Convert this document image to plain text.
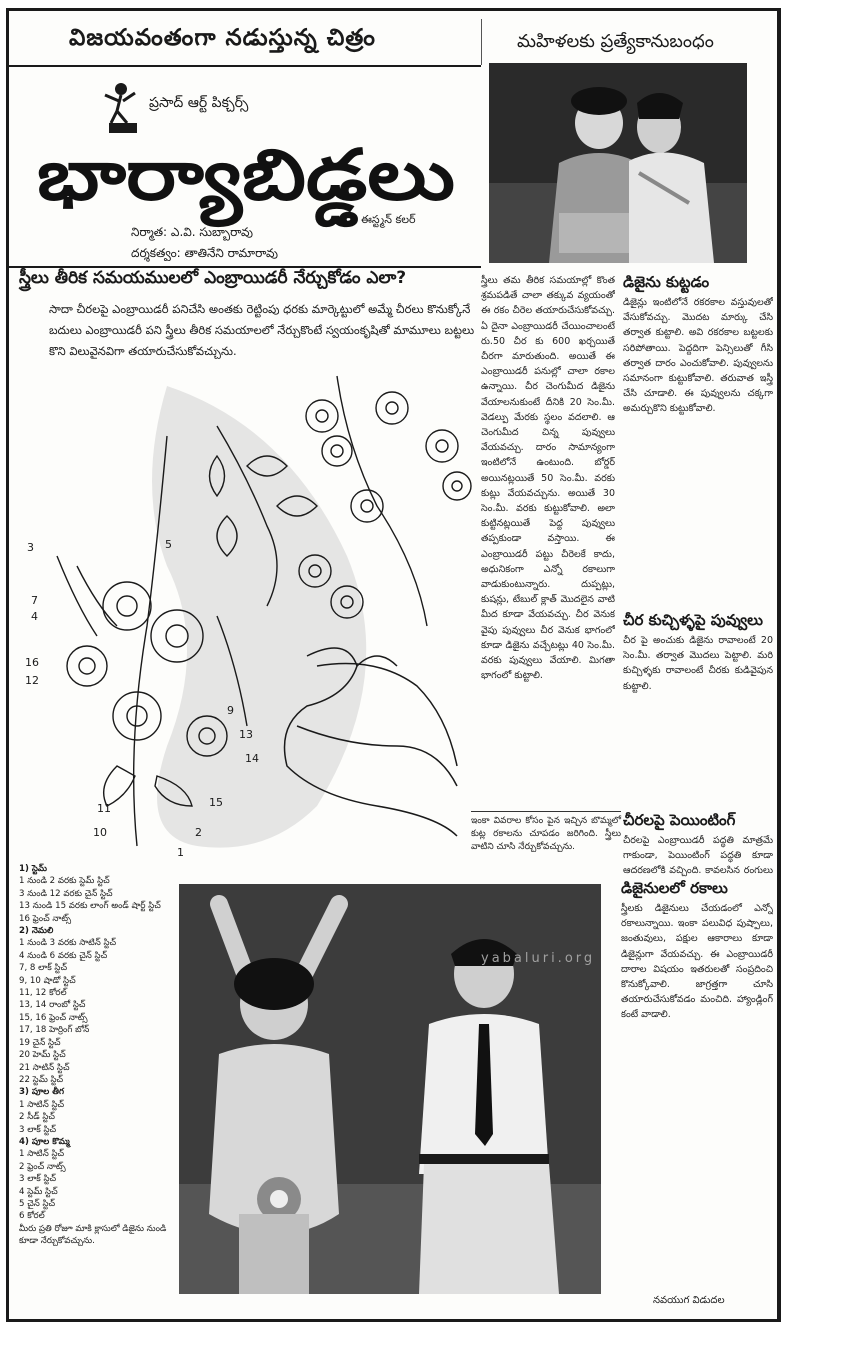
విజయవంతంగా నడుస్తున్న చిత్రం	మహిళలకు ప్రత్యేకానుబంధం
ప్రసాద్ ఆర్ట్ పిక్చర్స్
భార్యాబిడ్డలు
ఈస్ట్మన్ కలర్
నిర్మాత: ఎ.వి. సుబ్బారావు
దర్శకత్వం: తాతినేని రామారావు
స్త్రీలు తీరిక సమయములలో ఎంబ్రాయిడరీ నేర్చుకోడం ఎలా?
సాదా చీరలపై ఎంబ్రాయిడరీ పనిచేసి అంతకు రెట్టింపు ధరకు మార్కెట్టులో అమ్మే చీరలు కొనుక్కోనే బదులు ఎంబ్రాయిడరీ పని స్త్రీలు తీరిక సమయాలలో నేర్చుకొంటే స్వయంకృషితో మామూలు బట్టలు కొని విలువైనవిగా తయారుచేసుకోవచ్చును.
3
7
4
16
12
11
10
5
9
13
14
15
2
1
స్త్రీలు తమ తీరిక సమయాల్లో కొంత శ్రమపడితే చాలా తక్కువ వ్యయంతో ఈ రకం చీరెల తయారుచేసుకోవచ్చు. ఏ దైనా ఎంబ్రాయిడరీ చేయించాలంటే రు.50 చీర కు 600 ఖర్చయితే చీరగా మారుతుంది. అయితే ఈ ఎంబ్రాయిడరీ పనుల్లో చాలా రకాల ఉన్నాయి. చీర చెంగుమీద డిజైను వేయాలనుకుంటే దీనికి 20 సెం.మీ. వెడల్పు మేరకు స్థలం వదలాలి. ఆ చెంగుమీద చిన్న పువ్వులు వేయవచ్చు. దారం సామాన్యంగా ఇంటిలోనే ఉంటుంది. బోర్డర్ అయినట్లయితే 50 సెం.మీ. వరకు కుట్లు వేయవచ్చును. అయితే 30 సెం.మీ. వరకు కుట్టుకోవాలి. అలా కుట్టినట్లయితే పెద్ద పువ్వులు తప్పకుండా వస్తాయి. ఈ ఎంబ్రాయిడరీ పట్టు చీరెలకే కాదు, అధునికంగా ఎన్నో రకాలుగా వాడుకుంటున్నారు. దుప్పట్లు, కుషన్లు, టేబుల్ క్లాత్ మొదలైన వాటి మీద కూడా వేయవచ్చు. చీర వెనుక వైపు పువ్వులు చీర వెనుక భాగంలో కూడా డిజైను వచ్చేటట్లు 40 సెం.మీ. వరకు పువ్వులు వేయాలి. మిగతా భాగంలో కుట్టాలి.
డిజైను కుట్టడం
డిజైన్లు ఇంటిలోనే రకరకాల వస్తువులతో వేసుకోవచ్చు. మొదట మార్కు చేసి తర్వాత కుట్టాలి. అవి రకరకాల బట్టలకు సరిపోతాయి. పెద్దదిగా పెన్సిలుతో గీసి తర్వాత దారం ఎంచుకోవాలి. పువ్వులను సమానంగా కుట్టుకోవాలి. తరువాత ఇస్త్రీ చేసి చూడాలి. ఈ పువ్వులను చక్కగా అమర్చుకొని కుట్టుకోవాలి.
చీర కుచ్చిళ్ళపై పువ్వులు
చీర పై అంచుకు డిజైను రావాలంటే 20 సెం.మీ. తర్వాత మొదలు పెట్టాలి. మరి కుచ్చిళ్ళకు రావాలంటే చీరకు కుడివైపున కుట్టాలి.
ఇంకా వివరాల కోసం పైన ఇచ్చిన బొమ్మలో కుట్ల రకాలను చూపడం జరిగింది. స్త్రీలు వాటిని చూసి నేర్చుకోవచ్చును.
చీరలపై పెయింటింగ్
చీరలపై ఎంబ్రాయిడరీ పద్ధతి మాత్రమే గాకుండా, పెయింటింగ్ పద్ధతి కూడా ఆదరణలోకి వచ్చింది. కావలసిన రంగులు
1) స్టెమ్
1 నుండి 2 వరకు స్టెమ్ స్టిచ్
3 నుండి 12 వరకు చైన్ స్టిచ్
13 నుండి 15 వరకు లాంగ్ అండ్ షార్ట్ స్టిచ్
16 ఫ్రెంచ్ నాట్స్
2) నెమలి
1 నుండి 3 వరకు సాటిన్ స్టిచ్
4 నుండి 6 వరకు చైన్ స్టిచ్
7, 8 లాక్ స్టిచ్
9, 10 షాడో స్టిచ్
11, 12 కోరల్
13, 14 రాంబో స్టిచ్
15, 16 ఫ్రెంచ్ నాట్స్
17, 18 హెర్రింగ్ బోన్
19 చైన్ స్టిచ్
20 హెమ్ స్టిచ్
21 సాటిన్ స్టిచ్
22 స్టెమ్ స్టిచ్
3) పూల తీగ
1 సాటిన్ స్టిచ్
2 సీడ్ స్టిచ్
3 లాక్ స్టిచ్
4) పూల కొమ్మ
1 సాటిన్ స్టిచ్
2 ఫ్రెంచ్ నాట్స్
3 లాక్ స్టిచ్
4 స్టెమ్ స్టిచ్
5 చైన్ స్టిచ్
6 కోరల్
మీరు ప్రతి రోజూ మాకి క్లాసులో డిజైను నుండి కూడా నేర్చుకోవచ్చును.
డిజైనులలో రకాలు
స్త్రీలకు డిజైనులు చేయడంలో ఎన్నో రకాలున్నాయి. ఇంకా పలువిధ పుష్పాలు, జంతువులు, పక్షుల ఆకారాలు కూడా డిజైన్లుగా వేయవచ్చు. ఈ ఎంబ్రాయిడరీ దారాల విషయం ఇతరులతో సంప్రదించి కొనుక్కోవాలి. జాగ్రత్తగా చూసి తయారుచేసుకోవడం మంచిది. హ్యాండ్లింగ్ కంటే వాడాలి.
yabaluri.org
నవయుగ విడుదల
